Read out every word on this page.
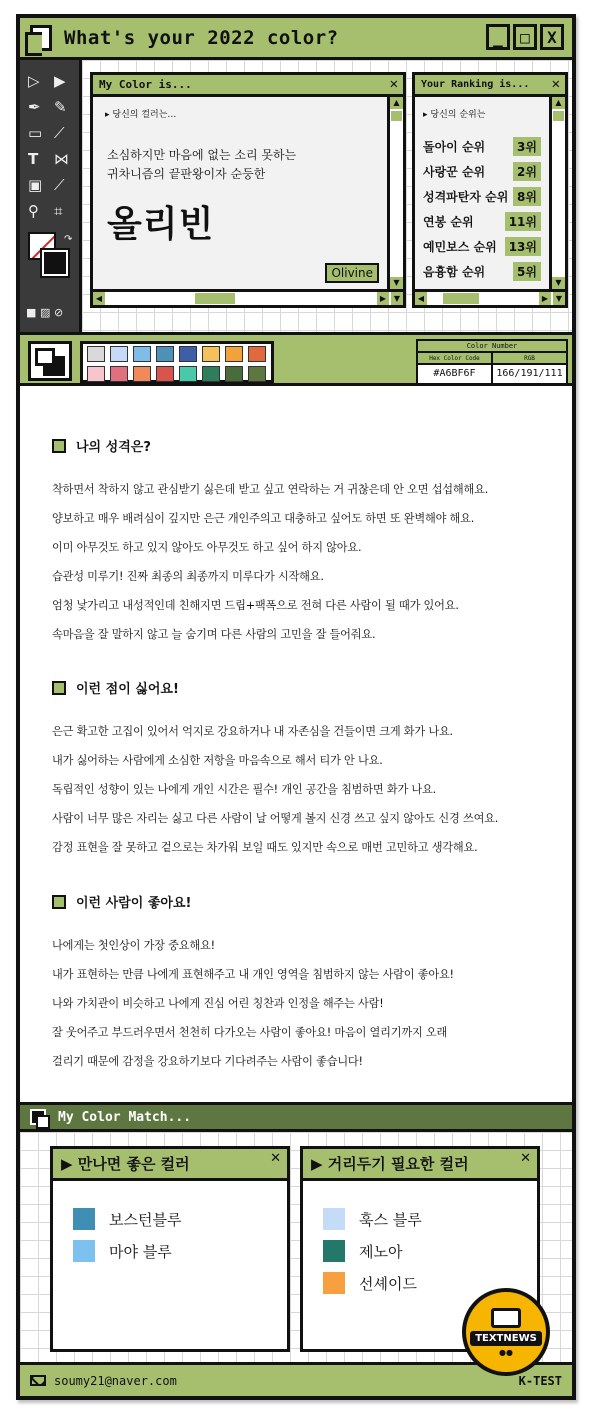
What's your 2022 color?	_	□	X
▷ ▶
✒ ✎
▭ ⟋
T ⋈
▣ ⟋
⚲ ⌗
↷
■ ▨ ⊘
My Color is...	✕
▸ 당신의 컬러는…
소심하지만 마음에 없는 소리 못하는
귀차니즘의 끝판왕이자 순둥한
올리빈
Olivine
▲
▼
◀	▶ ▼
Your Ranking is... ✕
▸ 당신의 순위는
돌아이 순위	3위
사랑꾼 순위	2위
성격파탄자 순위 8위
연봉 순위	11위
예민보스 순위 13위
음흉함 순위	5위
▲
▼
◀	▶ ▼
Color Number
Hex Color Code	RGB
#A6BF6F	166/191/111
나의 성격은?
착하면서 착하지 않고 관심받기 싫은데 받고 싶고 연락하는 거 귀찮은데 안 오면 섭섭해해요.
양보하고 매우 배려심이 깊지만 은근 개인주의고 대충하고 싶어도 하면 또 완벽해야 해요.
이미 아무것도 하고 있지 않아도 아무것도 하고 싶어 하지 않아요.
습관성 미루기! 진짜 최종의 최종까지 미루다가 시작해요.
엄청 낯가리고 내성적인데 친해지면 드립+팩폭으로 전혀 다른 사람이 될 때가 있어요.
속마음을 잘 말하지 않고 늘 숨기며 다른 사람의 고민을 잘 들어줘요.
이런 점이 싫어요!
은근 확고한 고집이 있어서 억지로 강요하거나 내 자존심을 건들이면 크게 화가 나요.
내가 싫어하는 사람에게 소심한 저항을 마음속으로 해서 티가 안 나요.
독립적인 성향이 있는 나에게 개인 시간은 필수! 개인 공간을 침범하면 화가 나요.
사람이 너무 많은 자리는 싫고 다른 사람이 날 어떻게 볼지 신경 쓰고 싶지 않아도 신경 쓰여요.
감정 표현을 잘 못하고 겉으로는 차가워 보일 때도 있지만 속으로 매번 고민하고 생각해요.
이런 사람이 좋아요!
나에게는 첫인상이 가장 중요해요!
내가 표현하는 만큼 나에게 표현해주고 내 개인 영역을 침범하지 않는 사람이 좋아요!
나와 가치관이 비슷하고 나에게 진심 어린 칭찬과 인정을 해주는 사람!
잘 웃어주고 부드러우면서 천천히 다가오는 사람이 좋아요! 마음이 열리기까지 오래
걸리기 때문에 감정을 강요하기보다 기다려주는 사람이 좋습니다!
My Color Match...
▶ 만나면 좋은 컬러	✕
보스턴블루
마야 블루
▶ 거리두기 필요한 컬러	✕
훅스 블루
제노아
선셰이드
soumy21@naver.com	K-TEST
TEXTNEWS
●●
